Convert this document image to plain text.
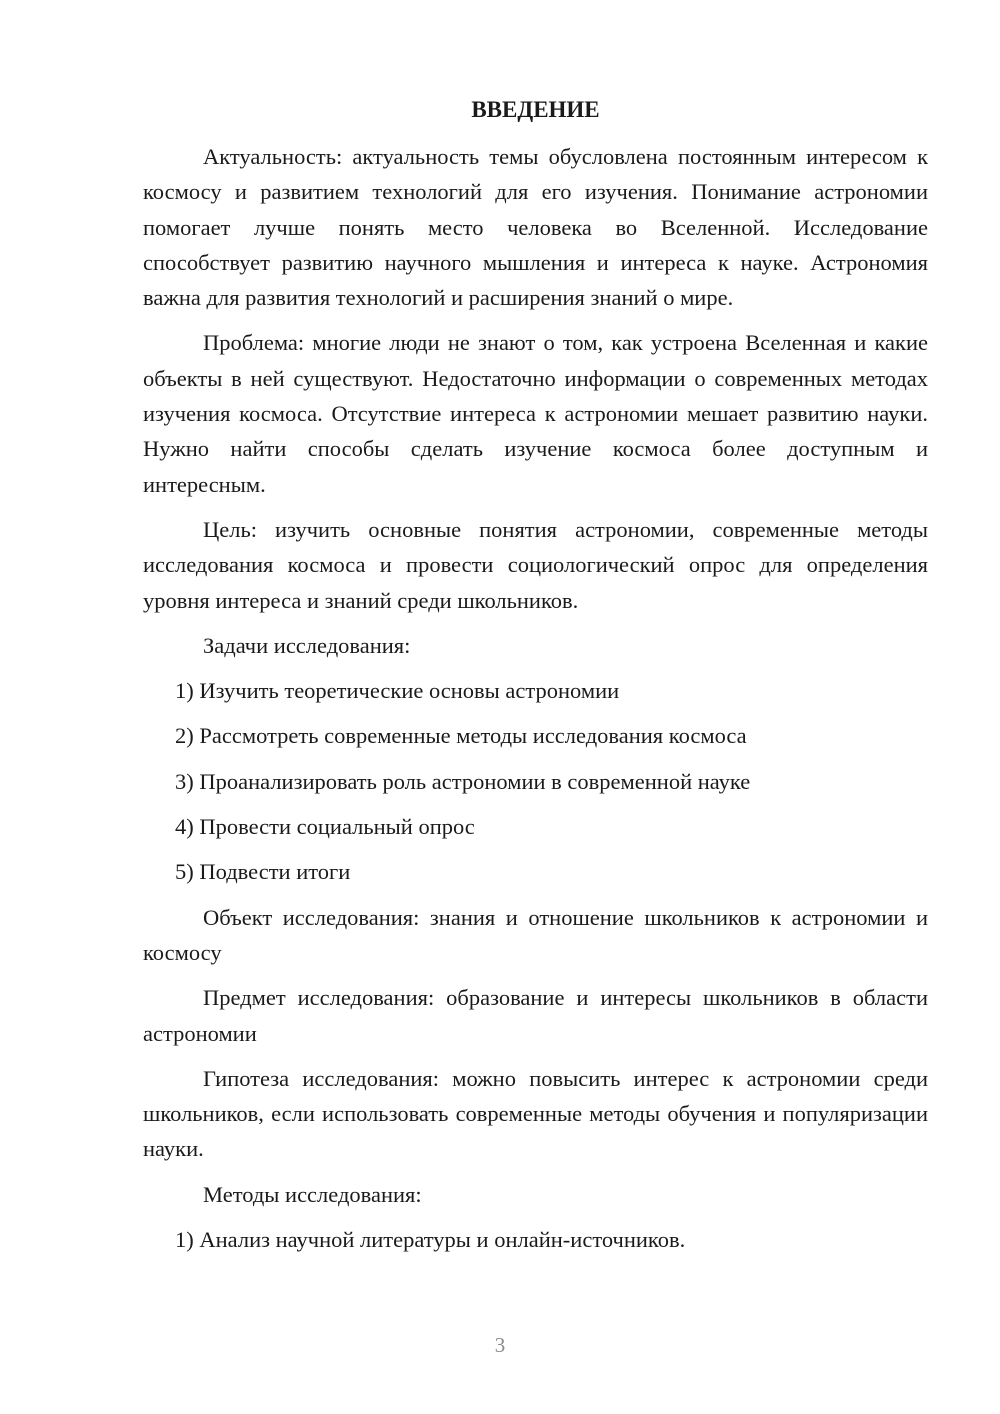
ВВЕДЕНИЕ

Актуальность: актуальность темы обусловлена постоянным интересом к космосу и развитием технологий для его изучения. Понимание астрономии помогает лучше понять место человека во Вселенной. Исследование способствует развитию научного мышления и интереса к науке. Астрономия важна для развития технологий и расширения знаний о мире.

Проблема: многие люди не знают о том, как устроена Вселенная и какие объекты в ней существуют. Недостаточно информации о современных методах изучения космоса. Отсутствие интереса к астрономии мешает развитию науки. Нужно найти способы сделать изучение космоса более доступным и интересным.

Цель: изучить основные понятия астрономии, современные методы исследования космоса и провести социологический опрос для определения уровня интереса и знаний среди школьников.

Задачи исследования:

1) Изучить теоретические основы астрономии
2) Рассмотреть современные методы исследования космоса
3) Проанализировать роль астрономии в современной науке
4) Провести социальный опрос
5) Подвести итоги

Объект исследования: знания и отношение школьников к астрономии и космосу

Предмет исследования: образование и интересы школьников в области астрономии

Гипотеза исследования: можно повысить интерес к астрономии среди школьников, если использовать современные методы обучения и популяризации науки.

Методы исследования:

1) Анализ научной литературы и онлайн-источников.
3
